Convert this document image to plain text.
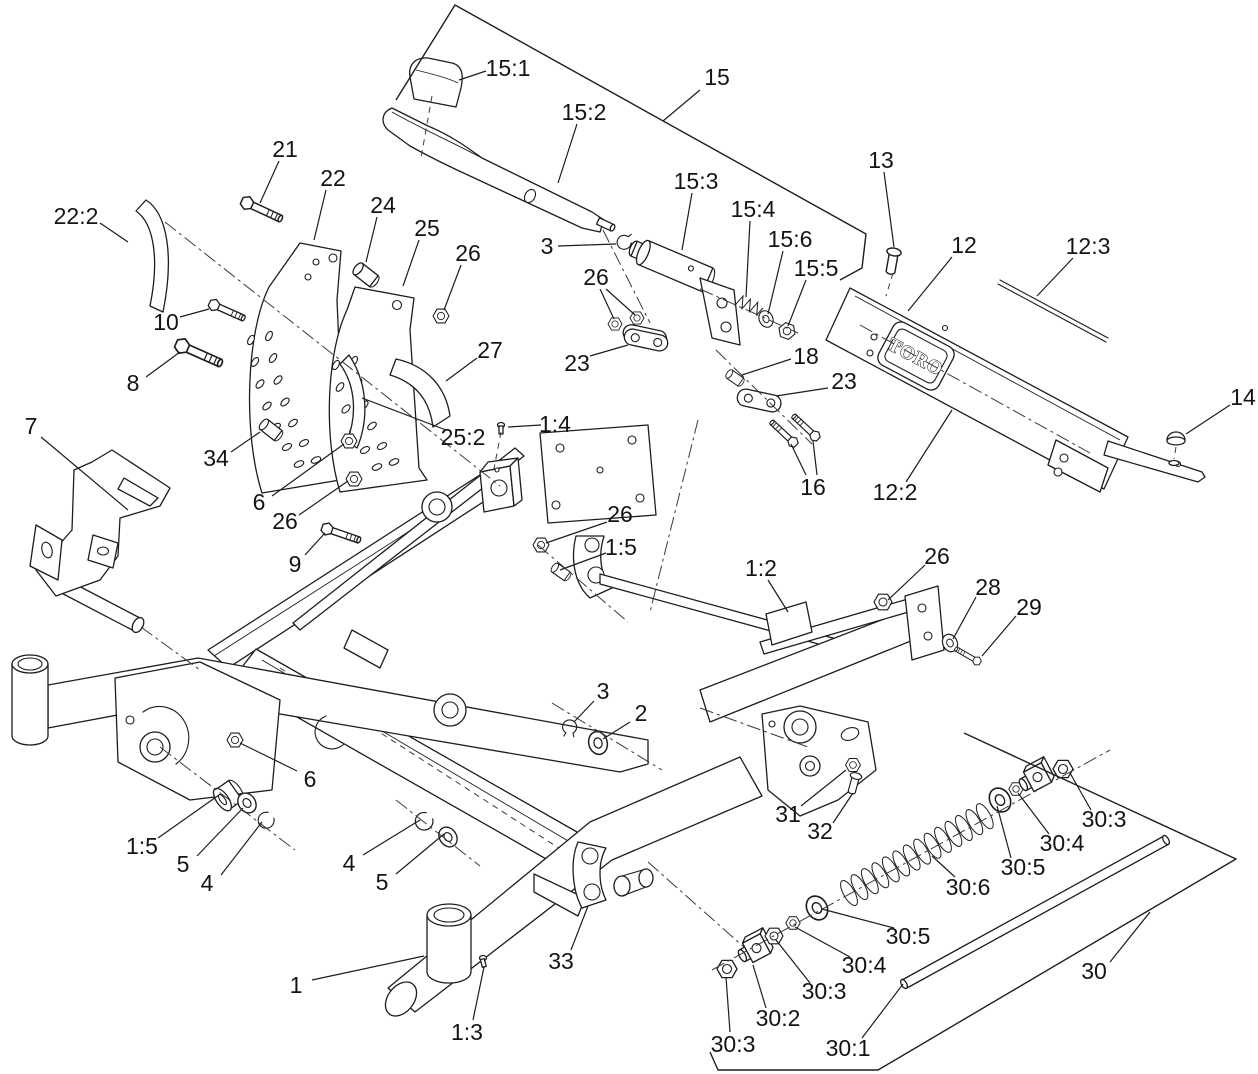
TORO
15:1
15:2
15
3
26
23
15:3
15:4
15:6
15:5
13
12	12:3
14
12:2
18
23
16
21
22
24
25
26
22:2
10
8
27
34
25:2
6
26
9
7	1:4
26
1:5
1:2	26
28
29
3
2
6
31
32
1:5
5
4
4
5
1
1:3
33
30:3
30:4
30:5
30:6
30:5
30:4
30:3
30:2
30:1
30:3
30
